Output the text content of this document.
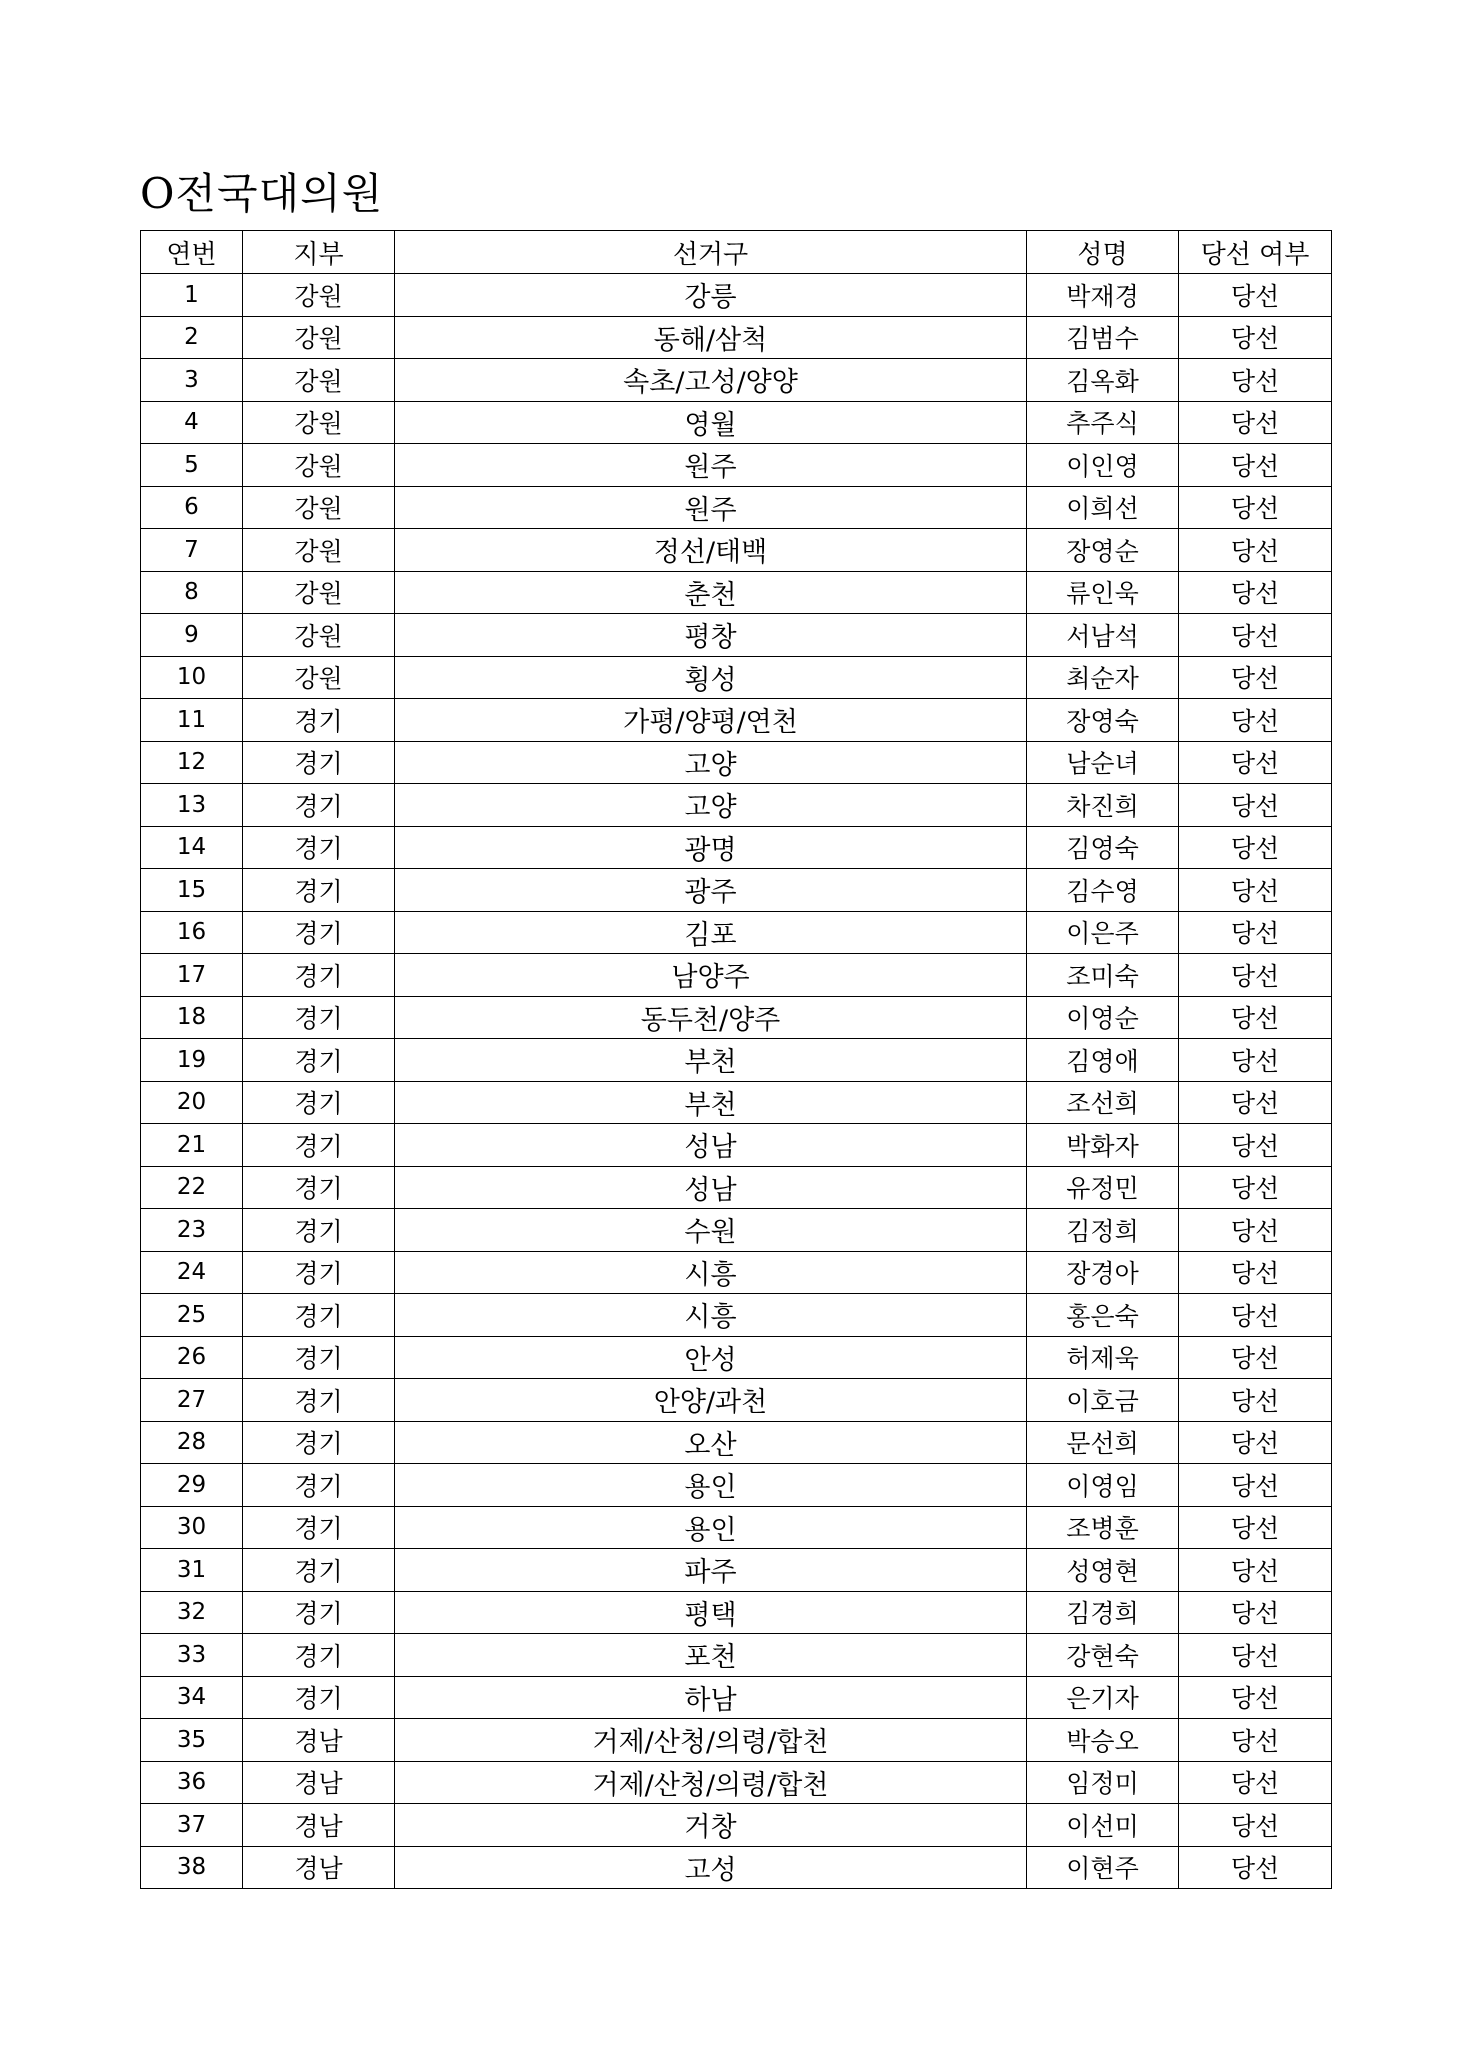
O전국대의원
연번	지부	선거구	성명	당선 여부
1	강원	강릉	박재경	당선
2	강원	동해/삼척	김범수	당선
3	강원	속초/고성/양양	김옥화	당선
4	강원	영월	추주식	당선
5	강원	원주	이인영	당선
6	강원	원주	이희선	당선
7	강원	정선/태백	장영순	당선
8	강원	춘천	류인욱	당선
9	강원	평창	서남석	당선
10	강원	횡성	최순자	당선
11	경기	가평/양평/연천	장영숙	당선
12	경기	고양	남순녀	당선
13	경기	고양	차진희	당선
14	경기	광명	김영숙	당선
15	경기	광주	김수영	당선
16	경기	김포	이은주	당선
17	경기	남양주	조미숙	당선
18	경기	동두천/양주	이영순	당선
19	경기	부천	김영애	당선
20	경기	부천	조선희	당선
21	경기	성남	박화자	당선
22	경기	성남	유정민	당선
23	경기	수원	김정희	당선
24	경기	시흥	장경아	당선
25	경기	시흥	홍은숙	당선
26	경기	안성	허제욱	당선
27	경기	안양/과천	이호금	당선
28	경기	오산	문선희	당선
29	경기	용인	이영임	당선
30	경기	용인	조병훈	당선
31	경기	파주	성영현	당선
32	경기	평택	김경희	당선
33	경기	포천	강현숙	당선
34	경기	하남	은기자	당선
35	경남	거제/산청/의령/합천	박승오	당선
36	경남	거제/산청/의령/합천	임정미	당선
37	경남	거창	이선미	당선
38	경남	고성	이현주	당선
